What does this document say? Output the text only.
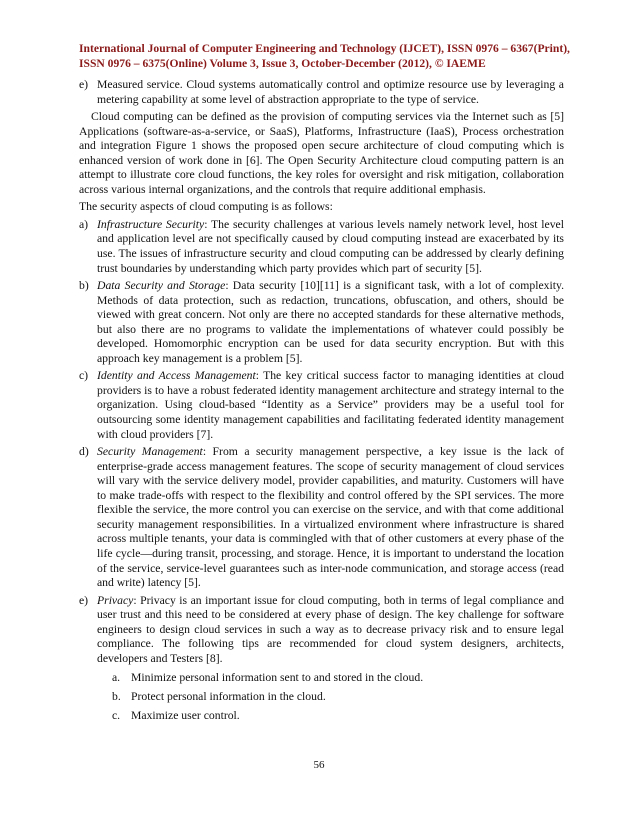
International Journal of Computer Engineering and Technology (IJCET), ISSN 0976 – 6367(Print),
ISSN 0976 – 6375(Online) Volume 3, Issue 3, October-December (2012), © IAEME
e) Measured service. Cloud systems automatically control and optimize resource use by leveraging a metering capability at some level of abstraction appropriate to the type of service.
Cloud computing can be defined as the provision of computing services via the Internet such as [5] Applications (software-as-a-service, or SaaS), Platforms, Infrastructure (IaaS), Process orchestration and integration Figure 1 shows the proposed open secure architecture of cloud computing which is enhanced version of work done in [6]. The Open Security Architecture cloud computing pattern is an attempt to illustrate core cloud functions, the key roles for oversight and risk mitigation, collaboration across various internal organizations, and the controls that require additional emphasis.
The security aspects of cloud computing is as follows:
a) Infrastructure Security: The security challenges at various levels namely network level, host level and application level are not specifically caused by cloud computing instead are exacerbated by its use. The issues of infrastructure security and cloud computing can be addressed by clearly defining trust boundaries by understanding which party provides which part of security [5].
b) Data Security and Storage: Data security [10][11] is a significant task, with a lot of complexity. Methods of data protection, such as redaction, truncations, obfuscation, and others, should be viewed with great concern. Not only are there no accepted standards for these alternative methods, but also there are no programs to validate the implementations of whatever could possibly be developed. Homomorphic encryption can be used for data security encryption. But with this approach key management is a problem [5].
c) Identity and Access Management: The key critical success factor to managing identities at cloud providers is to have a robust federated identity management architecture and strategy internal to the organization. Using cloud-based “Identity as a Service” providers may be a useful tool for outsourcing some identity management capabilities and facilitating federated identity management with cloud providers [7].
d) Security Management: From a security management perspective, a key issue is the lack of enterprise-grade access management features. The scope of security management of cloud services will vary with the service delivery model, provider capabilities, and maturity. Customers will have to make trade-offs with respect to the flexibility and control offered by the SPI services. The more flexible the service, the more control you can exercise on the service, and with that come additional security management responsibilities. In a virtualized environment where infrastructure is shared across multiple tenants, your data is commingled with that of other customers at every phase of the life cycle—during transit, processing, and storage. Hence, it is important to understand the location of the service, service-level guarantees such as inter-node communication, and storage access (read and write) latency [5].
e) Privacy: Privacy is an important issue for cloud computing, both in terms of legal compliance and user trust and this need to be considered at every phase of design. The key challenge for software engineers to design cloud services in such a way as to decrease privacy risk and to ensure legal compliance. The following tips are recommended for cloud system designers, architects, developers and Testers [8].
a. Minimize personal information sent to and stored in the cloud.
b. Protect personal information in the cloud.
c. Maximize user control.
56
